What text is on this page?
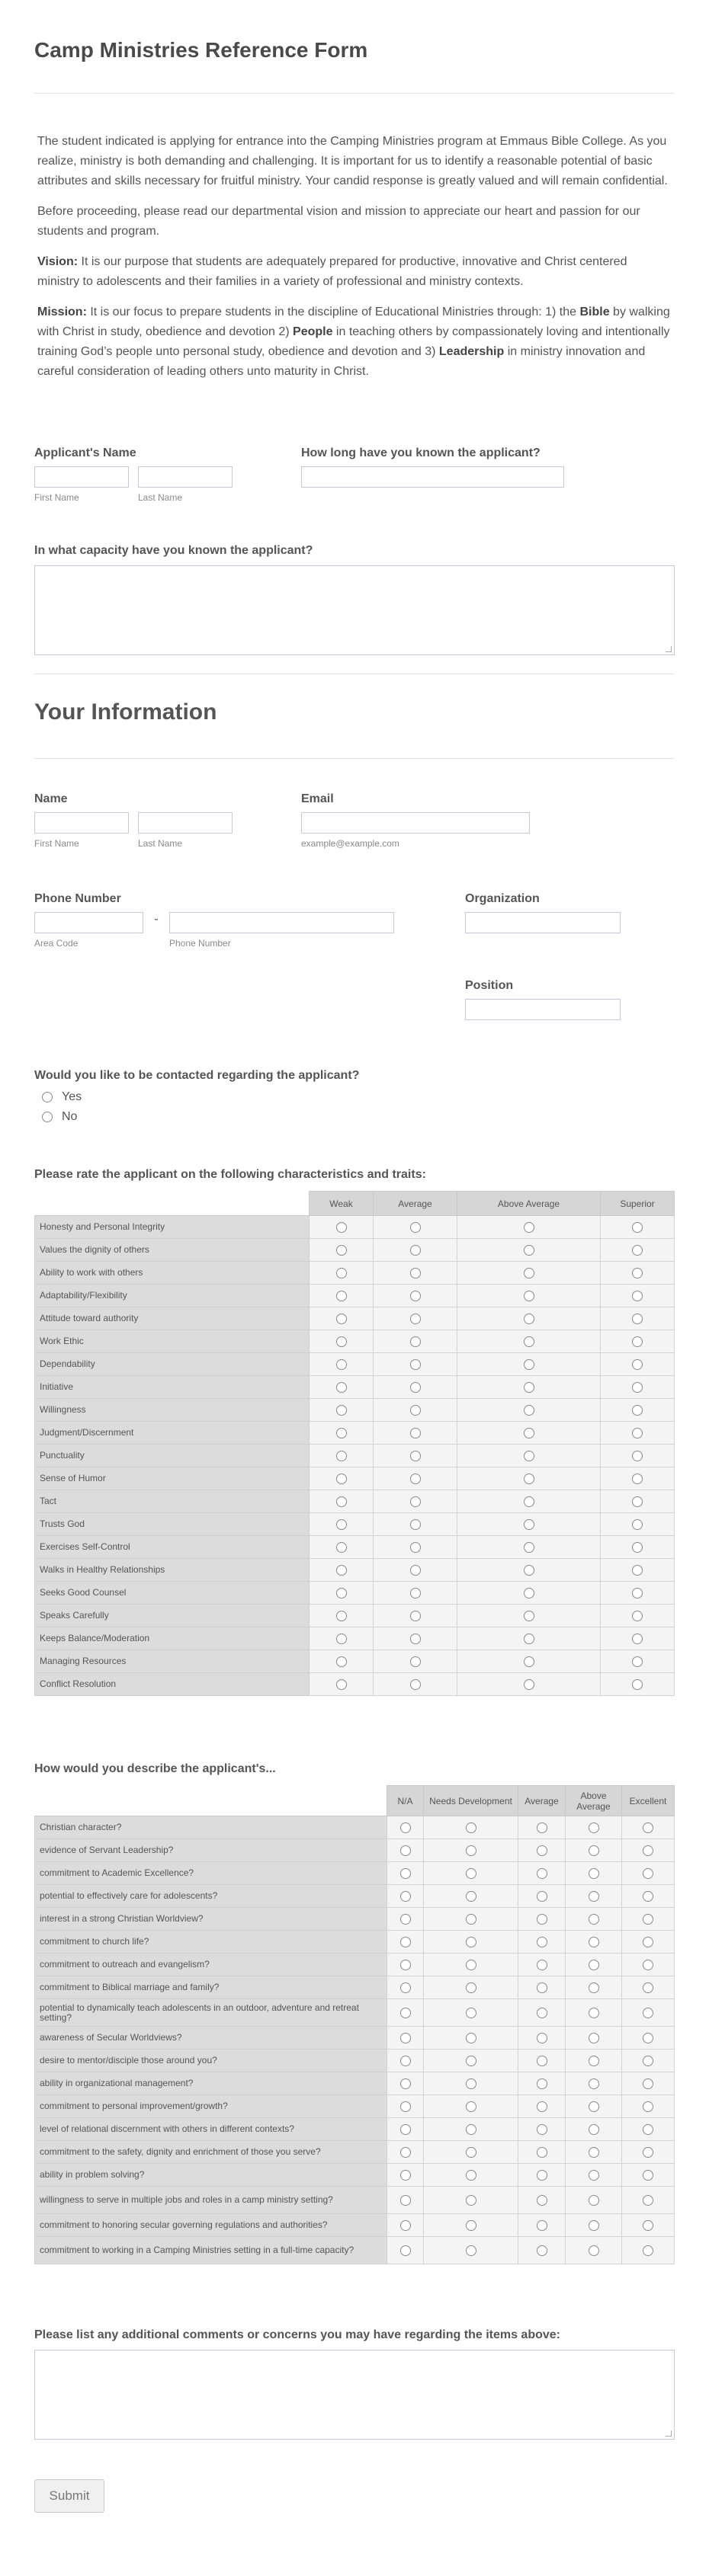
Camp Ministries Reference Form

The student indicated is applying for entrance into the Camping Ministries program at Emmaus Bible College. As you realize, ministry is both demanding and challenging. It is important for us to identify a reasonable potential of basic attributes and skills necessary for fruitful ministry. Your candid response is greatly valued and will remain confidential.

Before proceeding, please read our departmental vision and mission to appreciate our heart and passion for our students and program.

Vision: It is our purpose that students are adequately prepared for productive, innovative and Christ centered ministry to adolescents and their families in a variety of professional and ministry contexts.

Mission: It is our focus to prepare students in the discipline of Educational Ministries through: 1) the Bible by walking with Christ in study, obedience and devotion 2) People in teaching others by compassionately loving and intentionally training God’s people unto personal study, obedience and devotion and 3) Leadership in ministry innovation and careful consideration of leading others unto maturity in Christ.

Applicant's Name
First Name	Last Name
How long have you known the applicant?
In what capacity have you known the applicant?
Your Information
Name
First Name	Last Name
Email
example@example.com
Phone Number
Area Code
-
Phone Number
Organization
Position
Would you like to be contacted regarding the applicant?
Yes
No
Please rate the applicant on the following characteristics and traits:
	Weak	Average	Above Average	Superior
Honesty and Personal Integrity				
Values the dignity of others				
Ability to work with others				
Adaptability/Flexibility				
Attitude toward authority				
Work Ethic				
Dependability				
Initiative				
Willingness				
Judgment/Discernment				
Punctuality				
Sense of Humor				
Tact				
Trusts God				
Exercises Self-Control				
Walks in Healthy Relationships				
Seeks Good Counsel				
Speaks Carefully				
Keeps Balance/Moderation				
Managing Resources				
Conflict Resolution				
How would you describe the applicant's...
	N/A	Needs Development	Average	Above Average	Excellent
Christian character?					
evidence of Servant Leadership?					
commitment to Academic Excellence?					
potential to effectively care for adolescents?					
interest in a strong Christian Worldview?					
commitment to church life?					
commitment to outreach and evangelism?					
commitment to Biblical marriage and family?					
potential to dynamically teach adolescents in an outdoor, adventure and retreat setting?					
awareness of Secular Worldviews?					
desire to mentor/disciple those around you?					
ability in organizational management?					
commitment to personal improvement/growth?					
level of relational discernment with others in different contexts?					
commitment to the safety, dignity and enrichment of those you serve?					
ability in problem solving?					
willingness to serve in multiple jobs and roles in a camp ministry setting?					
commitment to honoring secular governing regulations and authorities?					
commitment to working in a Camping Ministries setting in a full-time capacity?					
Please list any additional comments or concerns you may have regarding the items above:
Submit
